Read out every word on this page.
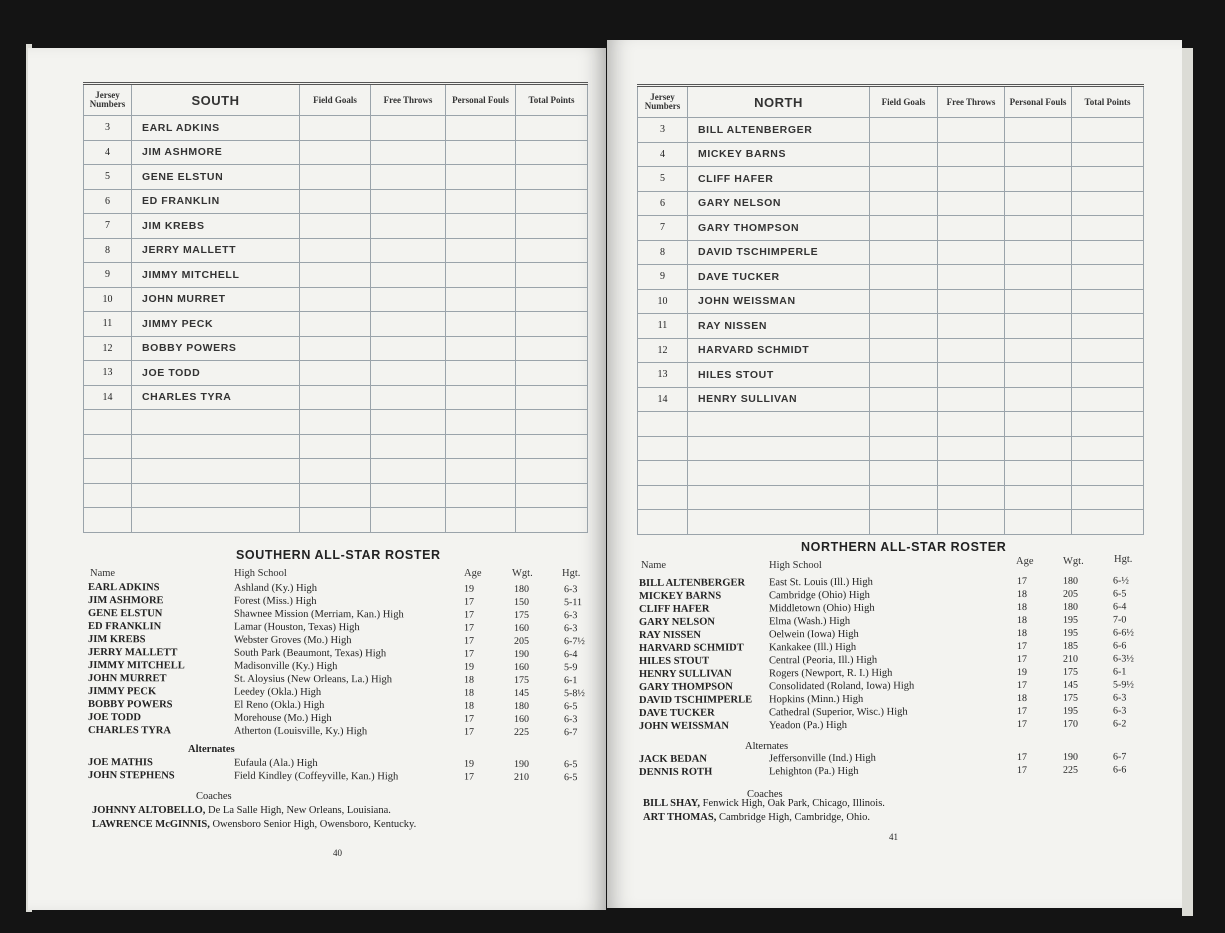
Jersey Numbers	SOUTH	Field Goals	Free Throws	Personal Fouls	Total Points
3	EARL ADKINS				
4	JIM ASHMORE				
5	GENE ELSTUN				
6	ED FRANKLIN				
7	JIM KREBS				
8	JERRY MALLETT				
9	JIMMY MITCHELL				
10	JOHN MURRET				
11	JIMMY PECK				
12	BOBBY POWERS				
13	JOE TODD				
14	CHARLES TYRA				

SOUTHERN ALL-STAR ROSTER
Name	High School	Age	Wgt.	Hgt.
Alternates
Coaches
EARL ADKINS	Ashland (Ky.) High	19	180	6-3
JIM ASHMORE	Forest (Miss.) High	17	150	5-11
GENE ELSTUN	Shawnee Mission (Merriam, Kan.) High	17	175	6-3
ED FRANKLIN	Lamar (Houston, Texas) High	17	160	6-3
JIM KREBS	Webster Groves (Mo.) High	17	205	6-7½
JERRY MALLETT	South Park (Beaumont, Texas) High	17	190	6-4
JIMMY MITCHELL	Madisonville (Ky.) High	19	160	5-9
JOHN MURRET	St. Aloysius (New Orleans, La.) High	18	175	6-1
JIMMY PECK	Leedey (Okla.) High	18	145	5-8½
BOBBY POWERS	El Reno (Okla.) High	18	180	6-5
JOE TODD	Morehouse (Mo.) High	17	160	6-3
CHARLES TYRA	Atherton (Louisville, Ky.) High	17	225	6-7
JOE MATHIS	Eufaula (Ala.) High	19	190	6-5
JOHN STEPHENS	Field Kindley (Coffeyville, Kan.) High	17	210	6-5
JOHNNY ALTOBELLO, De La Salle High, New Orleans, Louisiana.
LAWRENCE McGINNIS, Owensboro Senior High, Owensboro, Kentucky.
40
Jersey Numbers	NORTH	Field Goals	Free Throws	Personal Fouls	Total Points
3	BILL ALTENBERGER				
4	MICKEY BARNS				
5	CLIFF HAFER				
6	GARY NELSON				
7	GARY THOMPSON				
8	DAVID TSCHIMPERLE				
9	DAVE TUCKER				
10	JOHN WEISSMAN				
11	RAY NISSEN				
12	HARVARD SCHMIDT				
13	HILES STOUT				
14	HENRY SULLIVAN				

NORTHERN ALL-STAR ROSTER
Name	High School	Age	Wgt.	Hgt.
Alternates
Coaches
BILL ALTENBERGER East St. Louis (Ill.) High	17	180	6-½
MICKEY BARNS	Cambridge (Ohio) High	18	205	6-5
CLIFF HAFER	Middletown (Ohio) High	18	180	6-4
GARY NELSON	Elma (Wash.) High	18	195	7-0
RAY NISSEN	Oelwein (Iowa) High	18	195	6-6½
HARVARD SCHMIDT Kankakee (Ill.) High	17	185	6-6
HILES STOUT	Central (Peoria, Ill.) High	17	210	6-3½
HENRY SULLIVAN	Rogers (Newport, R. I.) High	19	175	6-1
GARY THOMPSON	Consolidated (Roland, Iowa) High	17	145	5-9½
DAVID TSCHIMPERLE Hopkins (Minn.) High	18	175	6-3
DAVE TUCKER	Cathedral (Superior, Wisc.) High	17	195	6-3
JOHN WEISSMAN	Yeadon (Pa.) High	17	170	6-2
JACK BEDAN	Jeffersonville (Ind.) High	17	190	6-7
DENNIS ROTH	Lehighton (Pa.) High	17	225	6-6
BILL SHAY, Fenwick High, Oak Park, Chicago, Illinois.
ART THOMAS, Cambridge High, Cambridge, Ohio.
41
